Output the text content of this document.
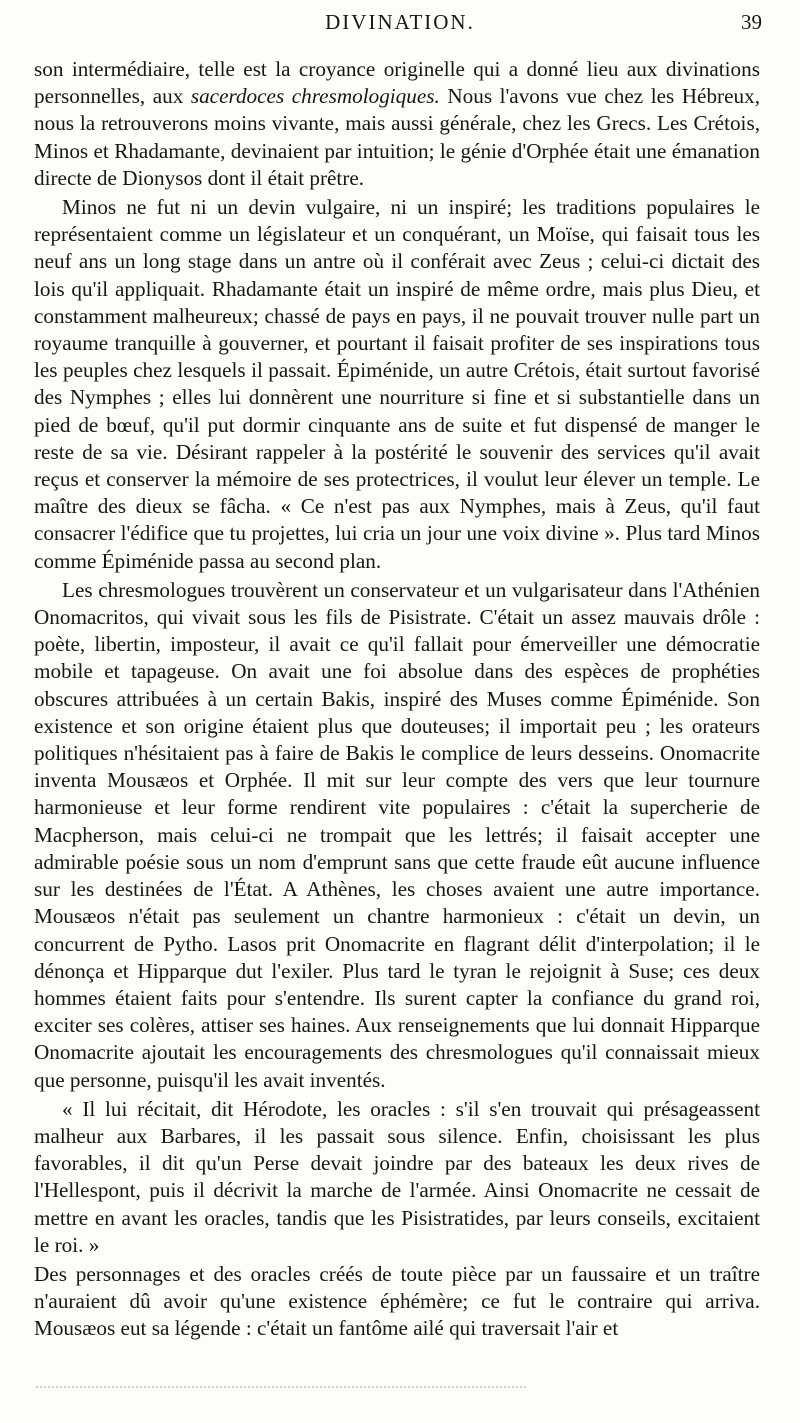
DIVINATION.	39

son intermédiaire, telle est la croyance originelle qui a donné lieu aux divinations personnelles, aux sacerdoces chresmologiques. Nous l'avons vue chez les Hébreux, nous la retrouverons moins vivante, mais aussi générale, chez les Grecs. Les Crétois, Minos et Rhadamante, devinaient par intuition; le génie d'Orphée était une émanation directe de Dionysos dont il était prêtre.

Minos ne fut ni un devin vulgaire, ni un inspiré; les traditions populaires le représentaient comme un législateur et un conquérant, un Moïse, qui faisait tous les neuf ans un long stage dans un antre où il conférait avec Zeus ; celui-ci dictait des lois qu'il appliquait. Rhadamante était un inspiré de même ordre, mais plus Dieu, et constamment malheureux; chassé de pays en pays, il ne pouvait trouver nulle part un royaume tranquille à gouverner, et pourtant il faisait profiter de ses inspirations tous les peuples chez lesquels il passait. Épiménide, un autre Crétois, était surtout favorisé des Nymphes ; elles lui donnèrent une nourriture si fine et si substantielle dans un pied de bœuf, qu'il put dormir cinquante ans de suite et fut dispensé de manger le reste de sa vie. Désirant rappeler à la postérité le souvenir des services qu'il avait reçus et conserver la mémoire de ses protectrices, il voulut leur élever un temple. Le maître des dieux se fâcha. « Ce n'est pas aux Nymphes, mais à Zeus, qu'il faut consacrer l'édifice que tu projettes, lui cria un jour une voix divine ». Plus tard Minos comme Épiménide passa au second plan.

Les chresmologues trouvèrent un conservateur et un vulgarisateur dans l'Athénien Onomacritos, qui vivait sous les fils de Pisistrate. C'était un assez mauvais drôle : poète, libertin, imposteur, il avait ce qu'il fallait pour émerveiller une démocratie mobile et tapageuse. On avait une foi absolue dans des espèces de prophéties obscures attribuées à un certain Bakis, inspiré des Muses comme Épiménide. Son existence et son origine étaient plus que douteuses; il importait peu ; les orateurs politiques n'hésitaient pas à faire de Bakis le complice de leurs desseins. Onomacrite inventa Mousæos et Orphée. Il mit sur leur compte des vers que leur tournure harmonieuse et leur forme rendirent vite populaires : c'était la supercherie de Macpherson, mais celui-ci ne trompait que les lettrés; il faisait accepter une admirable poésie sous un nom d'emprunt sans que cette fraude eût aucune influence sur les destinées de l'État. A Athènes, les choses avaient une autre importance. Mousæos n'était pas seulement un chantre harmonieux : c'était un devin, un concurrent de Pytho. Lasos prit Onomacrite en flagrant délit d'interpolation; il le dénonça et Hipparque dut l'exiler. Plus tard le tyran le rejoignit à Suse; ces deux hommes étaient faits pour s'entendre. Ils surent capter la confiance du grand roi, exciter ses colères, attiser ses haines. Aux renseignements que lui donnait Hipparque Onomacrite ajoutait les encouragements des chresmologues qu'il connaissait mieux que personne, puisqu'il les avait inventés.

« Il lui récitait, dit Hérodote, les oracles : s'il s'en trouvait qui présageassent malheur aux Barbares, il les passait sous silence. Enfin, choisissant les plus favorables, il dit qu'un Perse devait joindre par des bateaux les deux rives de l'Hellespont, puis il décrivit la marche de l'armée. Ainsi Onomacrite ne cessait de mettre en avant les oracles, tandis que les Pisistratides, par leurs conseils, excitaient le roi. »

Des personnages et des oracles créés de toute pièce par un faussaire et un traître n'auraient dû avoir qu'une existence éphémère; ce fut le contraire qui arriva. Mousæos eut sa légende : c'était un fantôme ailé qui traversait l'air et
